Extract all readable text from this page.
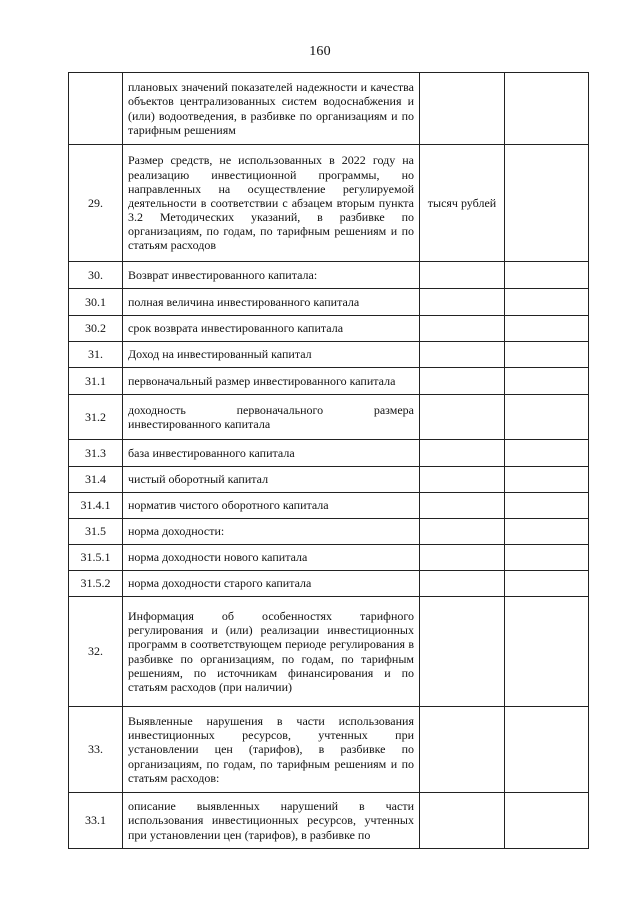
160
	плановых значений показателей надежности и качества объектов централизованных систем водоснабжения и (или) водоотведения, в разбивке по организациям и по тарифным решениям		
29.	Размер средств, не использованных в 2022 году на реализацию инвестиционной программы, но направленных на осуществление регулируемой деятельности в соответствии с абзацем вторым пункта 3.2 Методических указаний, в разбивке по организациям, по годам, по тарифным решениям и по статьям расходов	тысяч рублей	
30.	Возврат инвестированного капитала:		
30.1	полная величина инвестированного капитала		
30.2	срок возврата инвестированного капитала		
31.	Доход на инвестированный капитал		
31.1	первоначальный размер инвестированного капитала		
31.2	доходность первоначального размера инвестированного капитала		
31.3	база инвестированного капитала		
31.4	чистый оборотный капитал		
31.4.1	норматив чистого оборотного капитала		
31.5	норма доходности:		
31.5.1	норма доходности нового капитала		
31.5.2	норма доходности старого капитала		
32.	Информация об особенностях тарифного регулирования и (или) реализации инвестиционных программ в соответствующем периоде регулирования в разбивке по организациям, по годам, по тарифным решениям, по источникам финансирования и по статьям расходов (при наличии)		
33.	Выявленные нарушения в части использования инвестиционных ресурсов, учтенных при установлении цен (тарифов), в разбивке по организациям, по годам, по тарифным решениям и по статьям расходов:		
33.1	описание выявленных нарушений в части использования инвестиционных ресурсов, учтенных при установлении цен (тарифов), в разбивке по		
